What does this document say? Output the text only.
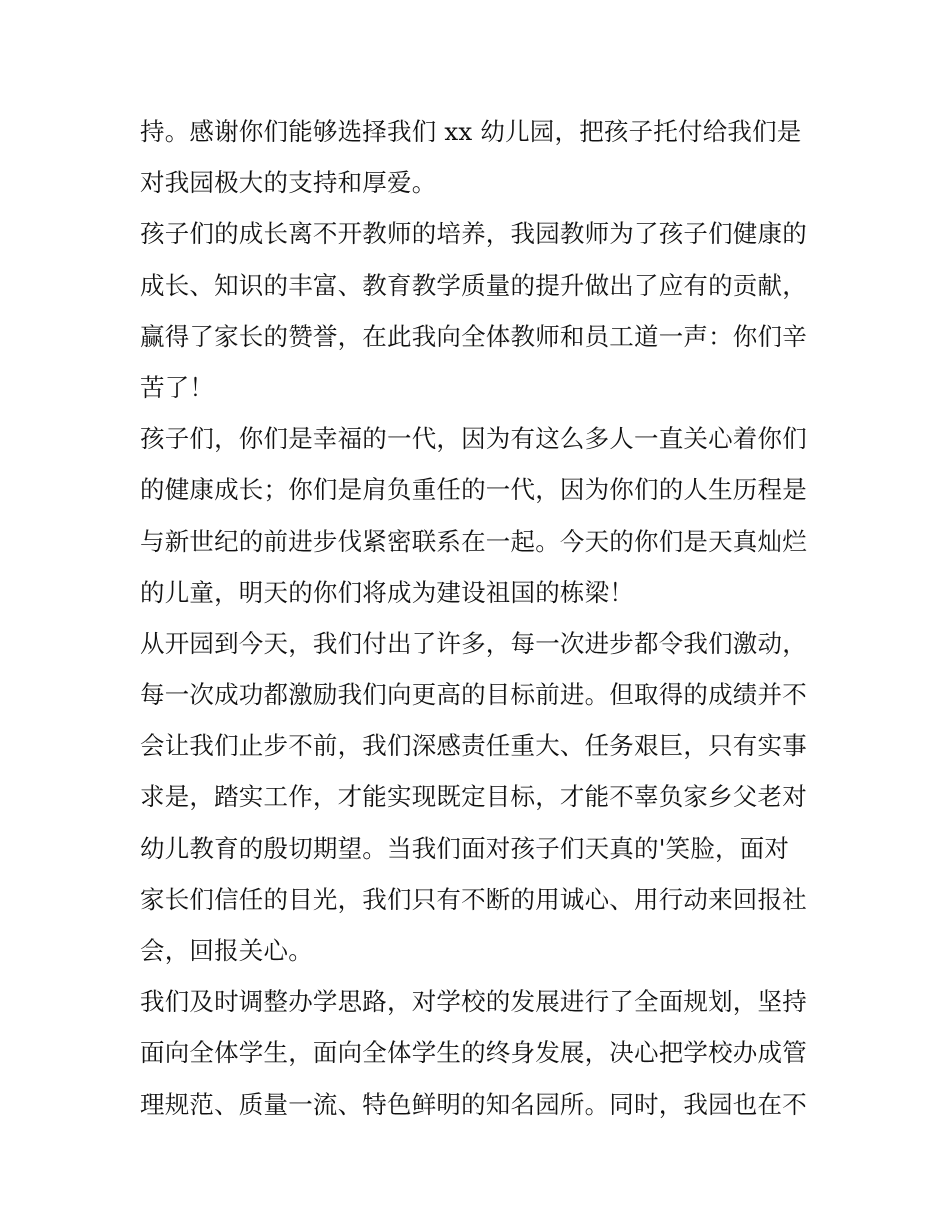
持。感谢你们能够选择我们 xx 幼儿园，把孩子托付给我们是
对我园极大的支持和厚爱。
孩子们的成长离不开教师的培养，我园教师为了孩子们健康的
成长、知识的丰富、教育教学质量的提升做出了应有的贡献，
赢得了家长的赞誉，在此我向全体教师和员工道一声：你们辛
苦了！
孩子们，你们是幸福的一代，因为有这么多人一直关心着你们
的健康成长；你们是肩负重任的一代，因为你们的人生历程是
与新世纪的前进步伐紧密联系在一起。今天的你们是天真灿烂
的儿童，明天的你们将成为建设祖国的栋梁！
从开园到今天，我们付出了许多，每一次进步都令我们激动，
每一次成功都激励我们向更高的目标前进。但取得的成绩并不
会让我们止步不前，我们深感责任重大、任务艰巨，只有实事
求是，踏实工作，才能实现既定目标，才能不辜负家乡父老对
幼儿教育的殷切期望。当我们面对孩子们天真的'笑脸，面对
家长们信任的目光，我们只有不断的用诚心、用行动来回报社
会，回报关心。
我们及时调整办学思路，对学校的发展进行了全面规划，坚持
面向全体学生，面向全体学生的终身发展，决心把学校办成管
理规范、质量一流、特色鲜明的知名园所。同时，我园也在不
